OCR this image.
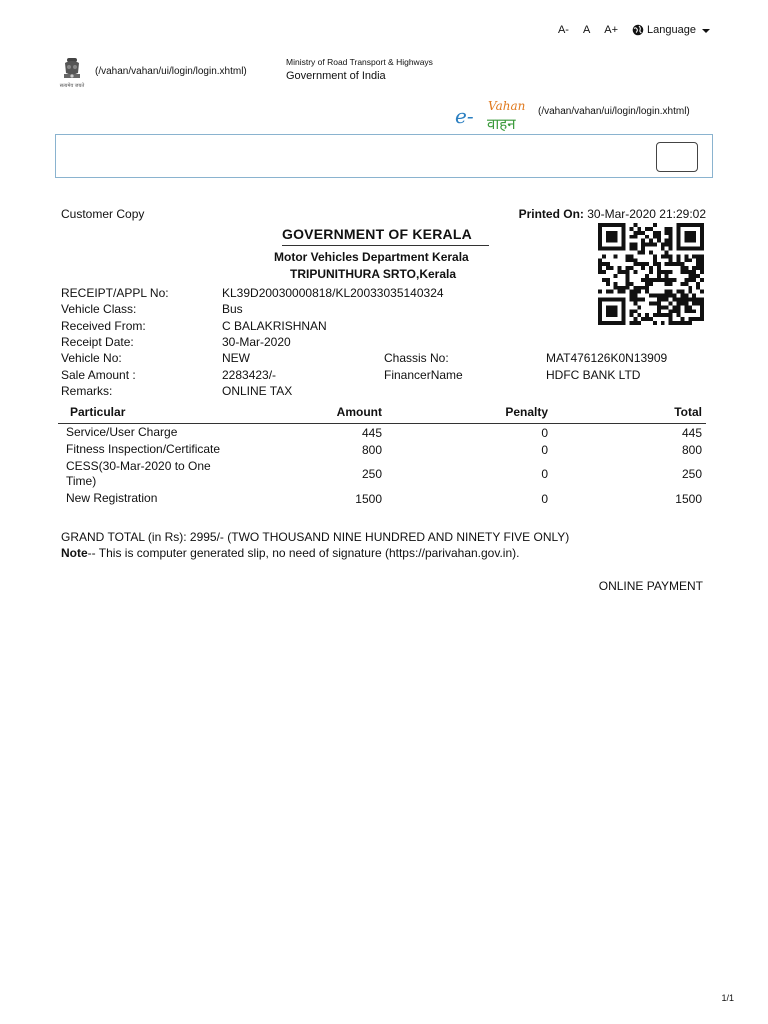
A- A A+	Language
सत्यमेव जयते
(/vahan/vahan/ui/login/login.xhtml)
Ministry of Road Transport & Highways
Government of India
e- Vahan
वाहन
(/vahan/vahan/ui/login/login.xhtml)
Customer Copy	Printed On: 30-Mar-2020 21:29:02
GOVERNMENT OF KERALA
Motor Vehicles Department Kerala
TRIPUNITHURA SRTO,Kerala
RECEIPT/APPL No:	KL39D20030000818/KL20033035140324
Vehicle Class:	Bus
Received From:	C BALAKRISHNAN
Receipt Date:	30-Mar-2020
Vehicle No:	NEW	Chassis No:	MAT476126K0N13909
Sale Amount :	2283423/-	FinancerName	HDFC BANK LTD
Remarks:	ONLINE TAX
Particular	Amount	Penalty	Total
Service/User Charge	445	0	445
Fitness Inspection/Certificate	800	0	800
CESS(30-Mar-2020 to One Time)	250	0	250
New Registration	1500	0	1500
GRAND TOTAL (in Rs): 2995/- (TWO THOUSAND NINE HUNDRED AND NINETY FIVE ONLY)
Note-- This is computer generated slip, no need of signature (https://parivahan.gov.in).
ONLINE PAYMENT
1/1
